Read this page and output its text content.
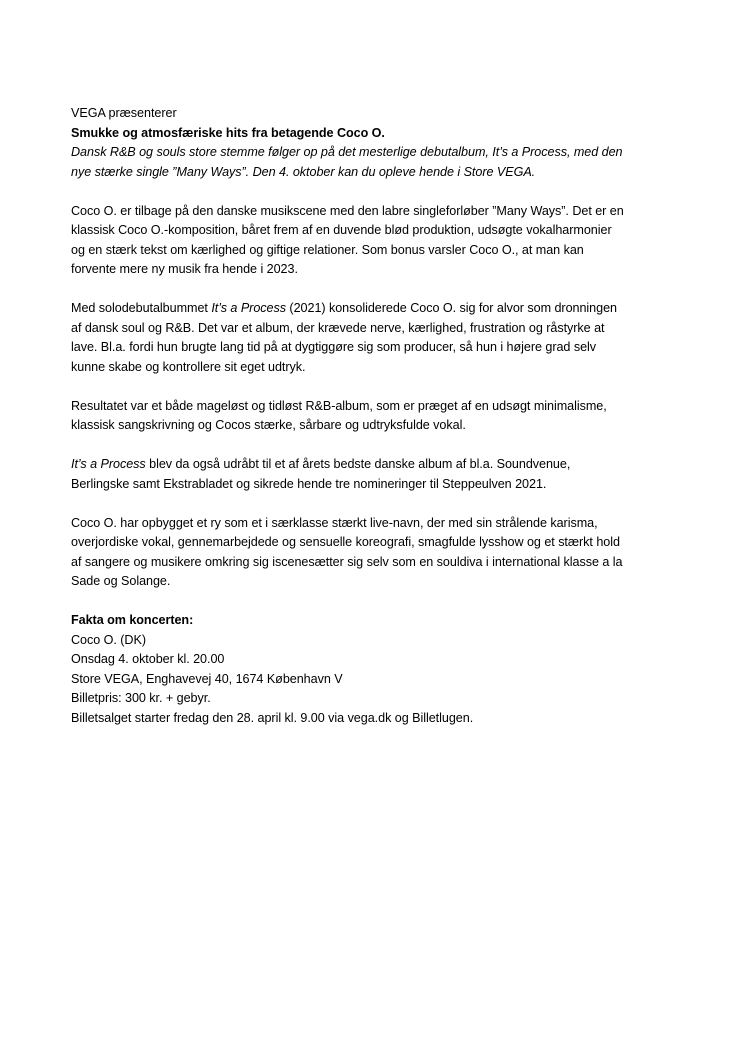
VEGA præsenterer
Smukke og atmosfæriske hits fra betagende Coco O.
Dansk R&B og souls store stemme følger op på det mesterlige debutalbum, It’s a Process, med den
nye stærke single ”Many Ways”. Den 4. oktober kan du opleve hende i Store VEGA.
Coco O. er tilbage på den danske musikscene med den labre singleforløber ”Many Ways”. Det er en
klassisk Coco O.-komposition, båret frem af en duvende blød produktion, udsøgte vokalharmonier
og en stærk tekst om kærlighed og giftige relationer. Som bonus varsler Coco O., at man kan
forvente mere ny musik fra hende i 2023.
Med solodebutalbummet It’s a Process (2021) konsoliderede Coco O. sig for alvor som dronningen
af dansk soul og R&B. Det var et album, der krævede nerve, kærlighed, frustration og råstyrke at
lave. Bl.a. fordi hun brugte lang tid på at dygtiggøre sig som producer, så hun i højere grad selv
kunne skabe og kontrollere sit eget udtryk.
Resultatet var et både mageløst og tidløst R&B-album, som er præget af en udsøgt minimalisme,
klassisk sangskrivning og Cocos stærke, sårbare og udtryksfulde vokal.
It’s a Process blev da også udråbt til et af årets bedste danske album af bl.a. Soundvenue,
Berlingske samt Ekstrabladet og sikrede hende tre nomineringer til Steppeulven 2021.
Coco O. har opbygget et ry som et i særklasse stærkt live-navn, der med sin strålende karisma,
overjordiske vokal, gennemarbejdede og sensuelle koreografi, smagfulde lysshow og et stærkt hold
af sangere og musikere omkring sig iscenesætter sig selv som en souldiva i international klasse a la
Sade og Solange.
Fakta om koncerten:
Coco O. (DK)
Onsdag 4. oktober kl. 20.00
Store VEGA, Enghavevej 40, 1674 København V
Billetpris: 300 kr. + gebyr.
Billetsalget starter fredag den 28. april kl. 9.00 via vega.dk og Billetlugen.
